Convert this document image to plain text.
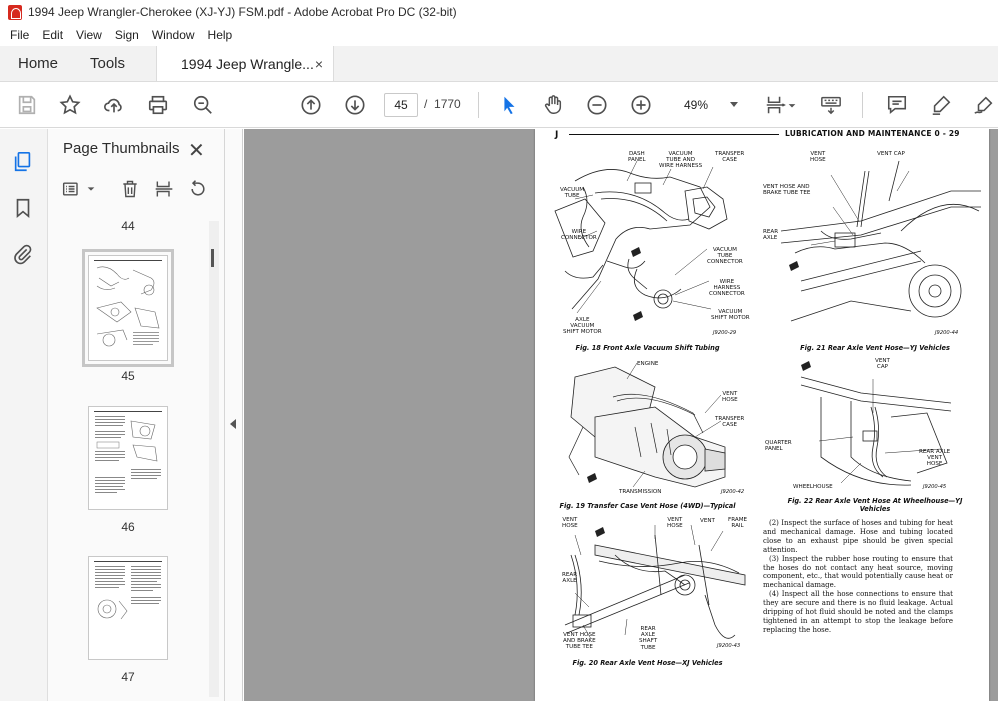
1994 Jeep Wrangler-Cherokee (XJ-YJ) FSM.pdf - Adobe Acrobat Pro DC (32-bit)
File	Edit	View	Sign	Window	Help
Home	Tools	1994 Jeep Wrangle... ×
45	/ 1770	49%
Page Thumbnails ✕
44
45
46
47
J	LUBRICATION AND MAINTENANCE 0 - 29
DASH
PANEL
VACUUM
TUBE AND
WIRE HARNESS
TRANSFER
CASE
VACUUM
TUBE
WIRE
CONNECTOR
VACUUM
TUBE
CONNECTOR
WIRE
HARNESS
CONNECTOR
VACUUM
SHIFT MOTOR
AXLE
VACUUM
SHIFT MOTOR	J9200-29
Fig. 18 Front Axle Vacuum Shift Tubing
VENT
HOSE
VENT CAP
VENT HOSE AND
BRAKE TUBE TEE
REAR
AXLE
J9200-44
Fig. 21 Rear Axle Vent Hose—YJ Vehicles
ENGINE
VENT
HOSE
TRANSFER
CASE
TRANSMISSION	J9200-42
Fig. 19 Transfer Case Vent Hose (4WD)—Typical
VENT
CAP
QUARTER
PANEL	REAR AXLE
VENT
HOSE
WHEELHOUSE	J9200-45
Fig. 22 Rear Axle Vent Hose At Wheelhouse—YJ
Vehicles
VENT
HOSE
VENT
HOSE
VENT FRAME
RAIL
REAR
AXLE
VENT HOSE
AND BRAKE
TUBE TEE
REAR
AXLE
SHAFT
TUBE	J9200-43
Fig. 20 Rear Axle Vent Hose—XJ Vehicles

(2) Inspect the surface of hoses and tubing for heat and mechanical damage. Hose and tubing located close to an exhaust pipe should be given special attention.

(3) Inspect the rubber hose routing to ensure that the hoses do not contact any heat source, moving component, etc., that would potentially cause heat or mechanical damage.

(4) Inspect all the hose connections to ensure that they are secure and there is no fluid leakage. Actual dripping of hot fluid should be noted and the clamps tightened in an attempt to stop the leakage before replacing the hose.
